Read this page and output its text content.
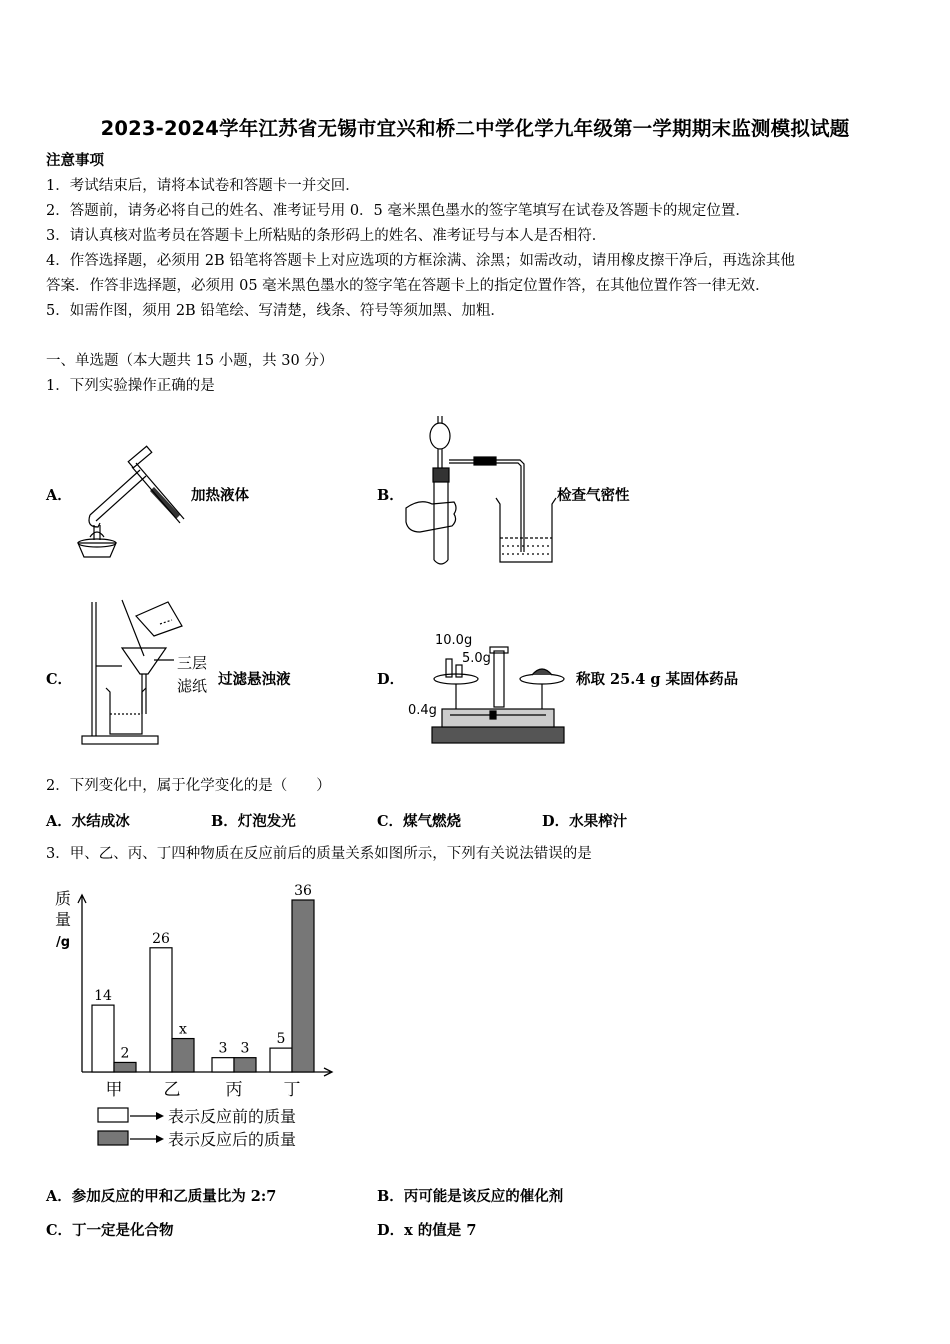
2023-2024学年江苏省无锡市宜兴和桥二中学化学九年级第一学期期末监测模拟试题
注意事项
1．考试结束后，请将本试卷和答题卡一并交回．
2．答题前，请务必将自己的姓名、准考证号用 0．5 毫米黑色墨水的签字笔填写在试卷及答题卡的规定位置．
3．请认真核对监考员在答题卡上所粘贴的条形码上的姓名、准考证号与本人是否相符．
4．作答选择题，必须用 2B 铅笔将答题卡上对应选项的方框涂满、涂黑；如需改动，请用橡皮擦干净后，再选涂其他
答案．作答非选择题，必须用 05 毫米黑色墨水的签字笔在答题卡上的指定位置作答，在其他位置作答一律无效．
5．如需作图，须用 2B 铅笔绘、写清楚，线条、符号等须加黑、加粗．
一、单选题（本大题共 15 小题，共 30 分）
1．下列实验操作正确的是
A．	加热液体	B．	检查气密性
C．
三层
滤纸 过滤悬浊液	D．
10.0g
5.0g
0.4g
称取 25.4 g 某固体药品
2．下列变化中，属于化学变化的是（　　）
A．水结成冰	B．灯泡发光	C．煤气燃烧	D．水果榨汁
3．甲、乙、丙、丁四种物质在反应前后的质量关系如图所示，下列有关说法错误的是
质
量
/g
14
2
甲
26
x
乙
3 3
丙
5
36
丁
表示反应前的质量
表示反应后的质量
A．参加反应的甲和乙质量比为 2:7	B．丙可能是该反应的催化剂
C．丁一定是化合物	D．x 的值是 7
